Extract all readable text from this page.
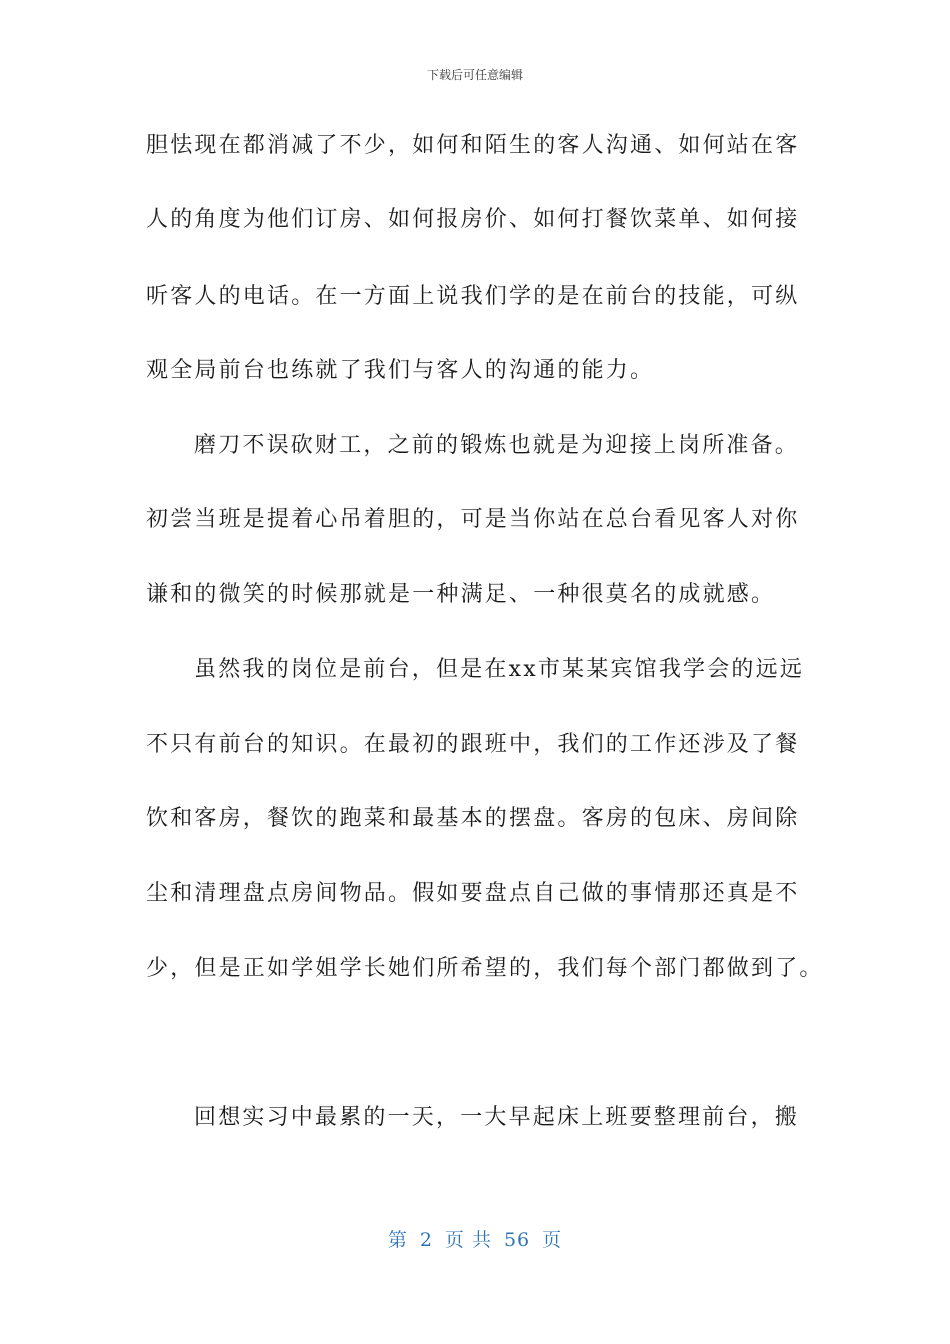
下载后可任意编辑
胆怯现在都消减了不少，如何和陌生的客人沟通、如何站在客
人的角度为他们订房、如何报房价、如何打餐饮菜单、如何接
听客人的电话。在一方面上说我们学的是在前台的技能，可纵
观全局前台也练就了我们与客人的沟通的能力。
磨刀不误砍财工，之前的锻炼也就是为迎接上岗所准备。
初尝当班是提着心吊着胆的，可是当你站在总台看见客人对你
谦和的微笑的时候那就是一种满足、一种很莫名的成就感。
虽然我的岗位是前台，但是在xx市某某宾馆我学会的远远
不只有前台的知识。在最初的跟班中，我们的工作还涉及了餐
饮和客房，餐饮的跑菜和最基本的摆盘。客房的包床、房间除
尘和清理盘点房间物品。假如要盘点自己做的事情那还真是不
少，但是正如学姐学长她们所希望的，我们每个部门都做到了。
回想实习中最累的一天，一大早起床上班要整理前台，搬
第 2 页 共 56 页
